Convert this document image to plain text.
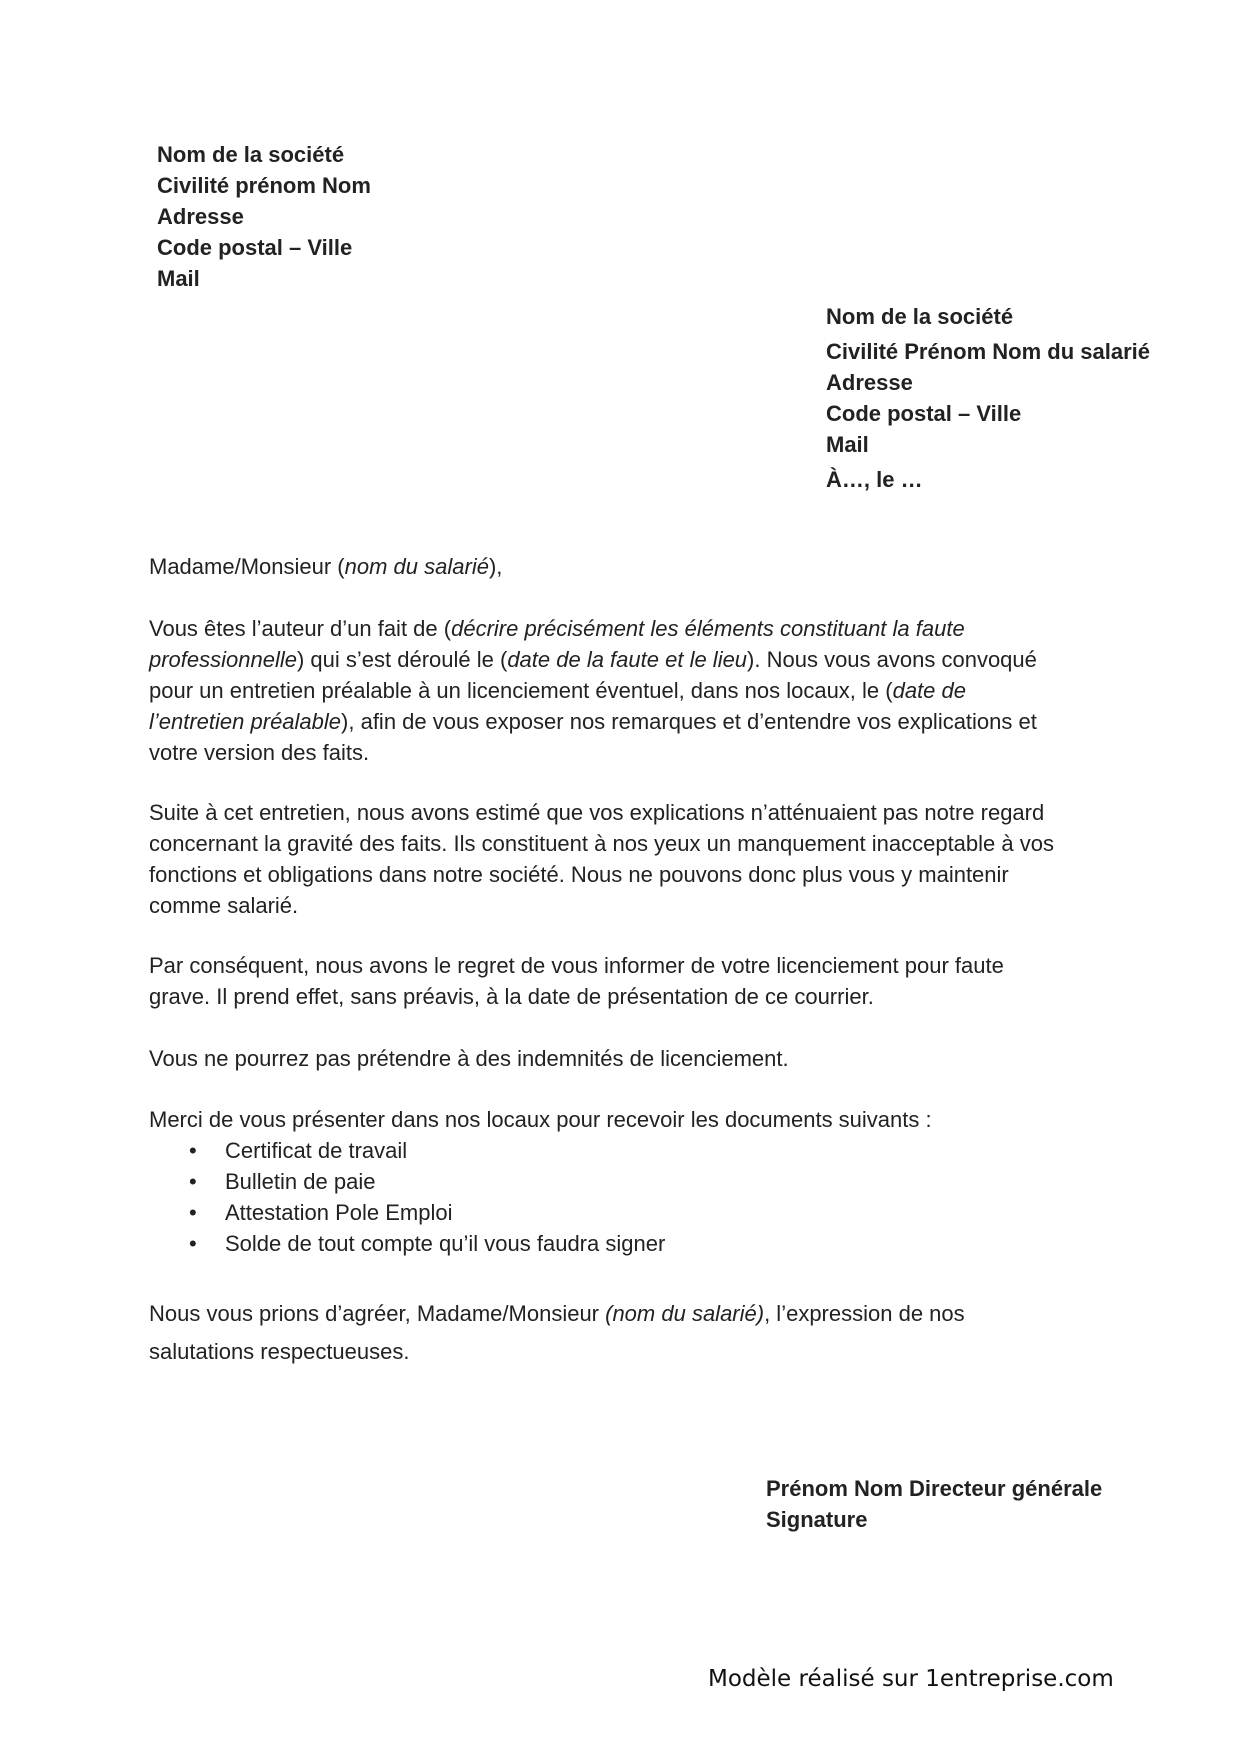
Nom de la société
Civilité prénom Nom
Adresse
Code postal – Ville
Mail
Nom de la société
Civilité Prénom Nom du salarié
Adresse
Code postal – Ville
Mail
À…, le …
Madame/Monsieur (nom du salarié),
Vous êtes l’auteur d’un fait de (décrire précisément les éléments constituant la faute
professionnelle) qui s’est déroulé le (date de la faute et le lieu). Nous vous avons convoqué
pour un entretien préalable à un licenciement éventuel, dans nos locaux, le (date de
l’entretien préalable), afin de vous exposer nos remarques et d’entendre vos explications et
votre version des faits.
Suite à cet entretien, nous avons estimé que vos explications n’atténuaient pas notre regard
concernant la gravité des faits. Ils constituent à nos yeux un manquement inacceptable à vos
fonctions et obligations dans notre société. Nous ne pouvons donc plus vous y maintenir
comme salarié.
Par conséquent, nous avons le regret de vous informer de votre licenciement pour faute
grave. Il prend effet, sans préavis, à la date de présentation de ce courrier.
Vous ne pourrez pas prétendre à des indemnités de licenciement.
Merci de vous présenter dans nos locaux pour recevoir les documents suivants :
• Certificat de travail
• Bulletin de paie
• Attestation Pole Emploi
• Solde de tout compte qu’il vous faudra signer
Nous vous prions d’agréer, Madame/Monsieur (nom du salarié), l’expression de nos
salutations respectueuses.
Prénom Nom Directeur générale
Signature
Modèle réalisé sur 1entreprise.com
